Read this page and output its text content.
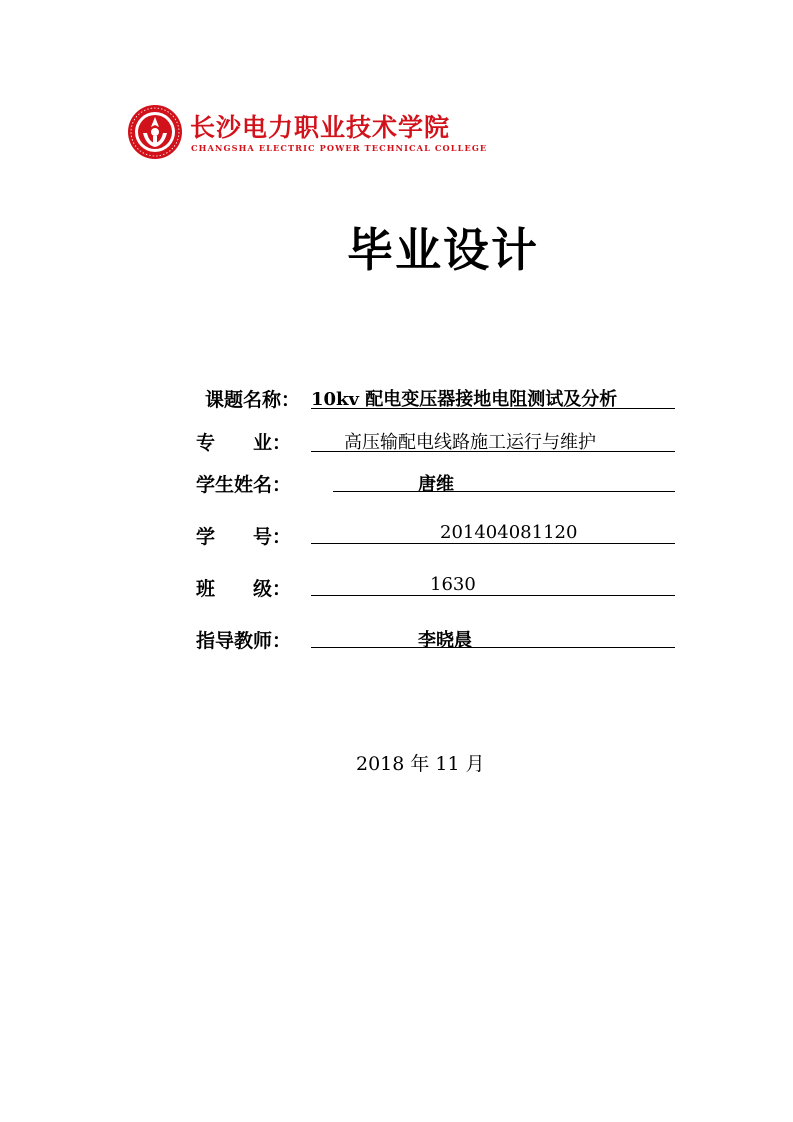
长沙电力职业技术学院
CHANGSHA ELECTRIC POWER TECHNICAL COLLEGE
毕业设计
课题名称： 10kv 配电变压器接地电阻测试及分析
专　　业：	高压输配电线路施工运行与维护
学生姓名：	唐维
学　　号：	201404081120
班　　级：	1630
指导教师：	李晓晨
2018 年 11 月
